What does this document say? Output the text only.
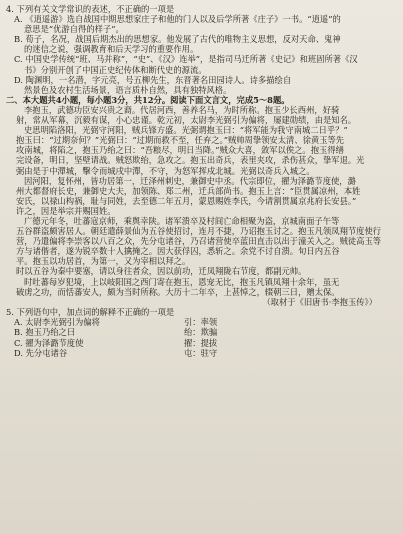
4. 下列有关文学常识的表述，不正确的一项是
A. 《逍遥游》选自战国中期思想家庄子和他的门人以及后学所著《庄子》一书。“逍遥”的
意思是“优游自得的样子”。
B. 荀子，名况，战国后期杰出的思想家。他发展了古代的唯物主义思想，反对天命、鬼神
的迷信之说，强调教育和后天学习的重要作用。
C. 中国史学传统“班、马并称”，“史”、《汉》连举”，是指司马迁所著《史记》和班固所著《汉
书》分别开创了中国正史纪传体和断代史的源流。
D. 陶渊明，一名潜，字元亮，号五柳先生，东晋著名田园诗人。诗多描绘自
然景色及农村生活场景，语言质朴自然，具有独特风格。
二、本大题共4小题，每小题3分，共12分。阅读下面文言文，完成5～8题。
李抱玉，武德功臣安兴贵之裔。代居河西，善养名马，为时所称。抱玉少长西州，好骑
射，常从军幕，沉毅有谋，小心忠谨。乾元初，太尉李光弼引为偏将，屡建勋绩，由是知名。
史思明陷洛阳，光弼守河阳，贼兵锋方盛。光弼谓抱玉曰：“将军能为我守南城二日乎？”
抱玉曰：“过期奈何？”光弼曰：“过期而救不至，任弃之。”贼帅周挚领安太清、徐黄玉等先
攻南城，将陷之，抱玉乃绐之曰：“吾粮尽，明日当降。”贼众大喜，敛军以俟之。抱玉得缮
完设备，明日，坚壁请战。贼怒欺绐，急攻之。抱玉出奇兵，表里夹攻，杀伤甚众，挚军退。光
弼由是于中潬城，擊令而城戌中潬，不守，为怒军挥戍北城。光弼以奇兵入城之。
因河阳，复怀州，皆功居第一，迁泽州刺史，兼御史中丞。代宗即位，擢为泽潞节度使，潞
州大都督府长史，兼御史大夫，加领陈、郑二州，迁兵部尚书。抱玉上言：“臣贯属凉州，本姓
安氏，以禄山构祸，耻与同姓，去至德二年五月，蒙恩赐姓李氏，今请割贯属京兆府长安县。”
许之，因是举宗并赐国姓。
广德元年冬，吐蕃寇京师，乘舆幸陕。诸军溃卒及村闾亡命相聚为盗，京城南面子午等
五谷群盗颇害居人。朝廷遣薛景仙为五谷使招讨，连月不捷，乃诏抱玉讨之。抱玉凡领凤翔节度使行
营，乃遣偏将李崇客以八百之众，先分屯诸谷，乃召诸营使卒蓝田直击以出于潼关入之。贼徒高玉等
方与诸偕者，遂为锐卒数十人擒掩之。因大获俘囚，悉斩之。余党不讨自溃。旬日内五谷
平。抱玉以功居首，为第一，又为宰相以拜之。
时以五谷为秦中要塞，请以身往者众，因以前功，迁凤翔陇右节度，都副元帅。
时吐蕃每岁犯境，上以岐阳国之西门寄在抱玉，恩宠无比，抱玉凡镇凤翔十余年，虽无
破虏之功，而恬蕃安人，颇为当时所称。大历十二年卒，上甚悼之，辍朝三日，赠太保。
（取材于《旧唐书·李抱玉传》）
5. 下列语句中，加点词的解释不正确的一项是
A. 太尉李光弼引为偏将	引：率领
B. 抱玉乃绐之曰	绐：欺骗
C. 擢为泽潞节度使	擢：提拔
D. 先分屯诸谷	屯：驻守
